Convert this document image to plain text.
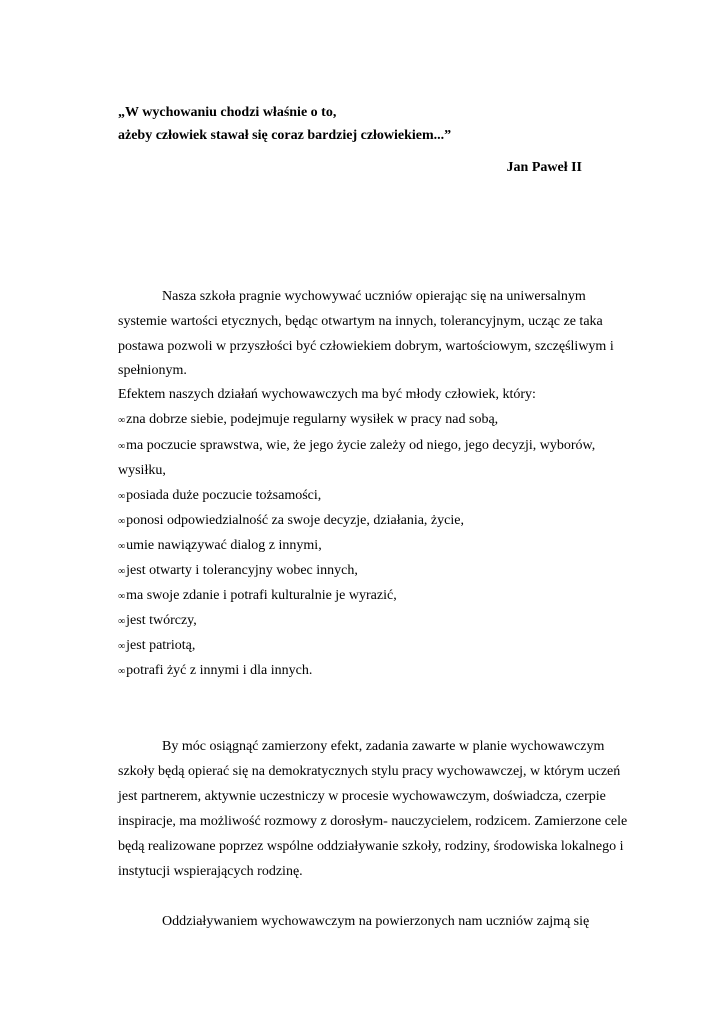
„W wychowaniu chodzi właśnie o to,
ażeby człowiek stawał się coraz bardziej człowiekiem...”
Jan Paweł II
Nasza szkoła pragnie wychowywać uczniów opierając się na uniwersalnym
systemie wartości etycznych, będąc otwartym na innych, tolerancyjnym, ucząc ze taka
postawa pozwoli w przyszłości być człowiekiem dobrym, wartościowym, szczęśliwym i
spełnionym.
Efektem naszych działań wychowawczych ma być młody człowiek, który:
∞zna dobrze siebie, podejmuje regularny wysiłek w pracy nad sobą,
∞ma poczucie sprawstwa, wie, że jego życie zależy od niego, jego decyzji, wyborów,
wysiłku,
∞posiada duże poczucie tożsamości,
∞ponosi odpowiedzialność za swoje decyzje, działania, życie,
∞umie nawiązywać dialog z innymi,
∞jest otwarty i tolerancyjny wobec innych,
∞ma swoje zdanie i potrafi kulturalnie je wyrazić,
∞jest twórczy,
∞jest patriotą,
∞potrafi żyć z innymi i dla innych.
By móc osiągnąć zamierzony efekt, zadania zawarte w planie wychowawczym
szkoły będą opierać się na demokratycznych stylu pracy wychowawczej, w którym uczeń
jest partnerem, aktywnie uczestniczy w procesie wychowawczym, doświadcza, czerpie
inspiracje, ma możliwość rozmowy z dorosłym- nauczycielem, rodzicem. Zamierzone cele
będą realizowane poprzez wspólne oddziaływanie szkoły, rodziny, środowiska lokalnego i
instytucji wspierających rodzinę.
Oddziaływaniem wychowawczym na powierzonych nam uczniów zajmą się
